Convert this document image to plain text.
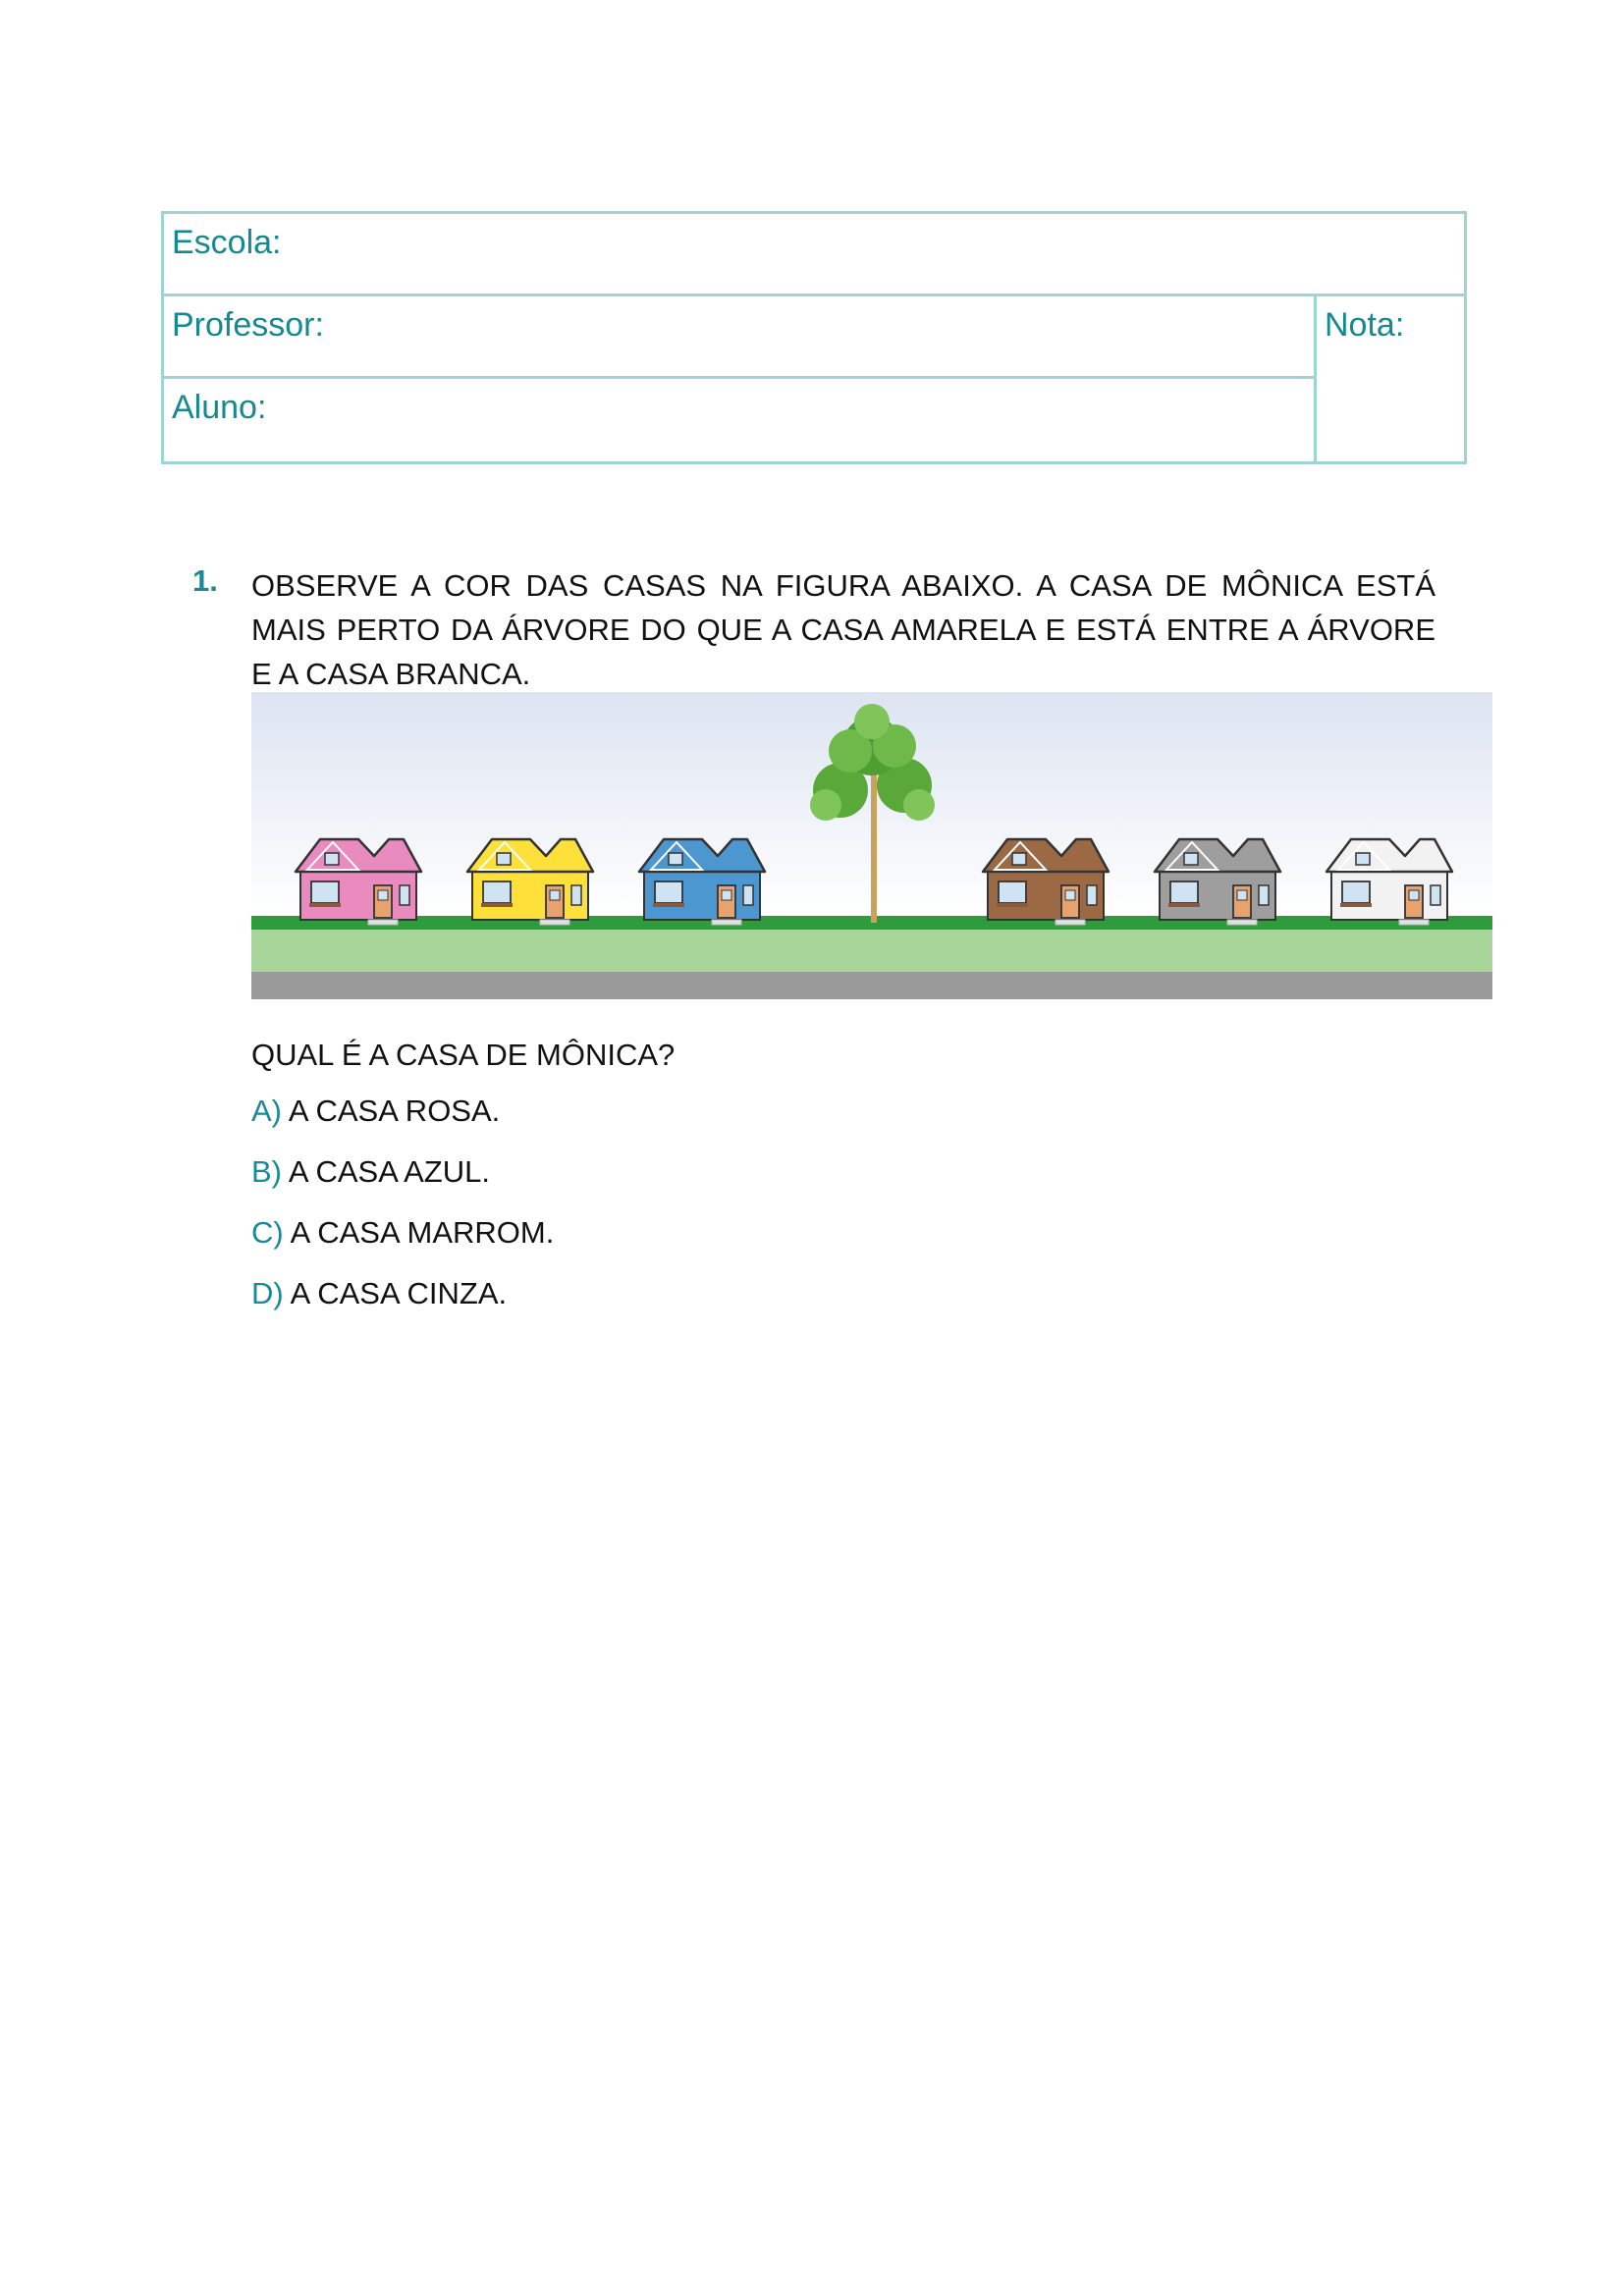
Escola:
Professor:
Aluno:
Nota:
1. OBSERVE A COR DAS CASAS NA FIGURA ABAIXO. A CASA DE MÔNICA ESTÁ MAIS PERTO DA ÁRVORE DO QUE A CASA AMARELA E ESTÁ ENTRE A ÁRVORE E A CASA BRANCA.
QUAL É A CASA DE MÔNICA?
A) A CASA ROSA.
B) A CASA AZUL.
C) A CASA MARROM.
D) A CASA CINZA.
